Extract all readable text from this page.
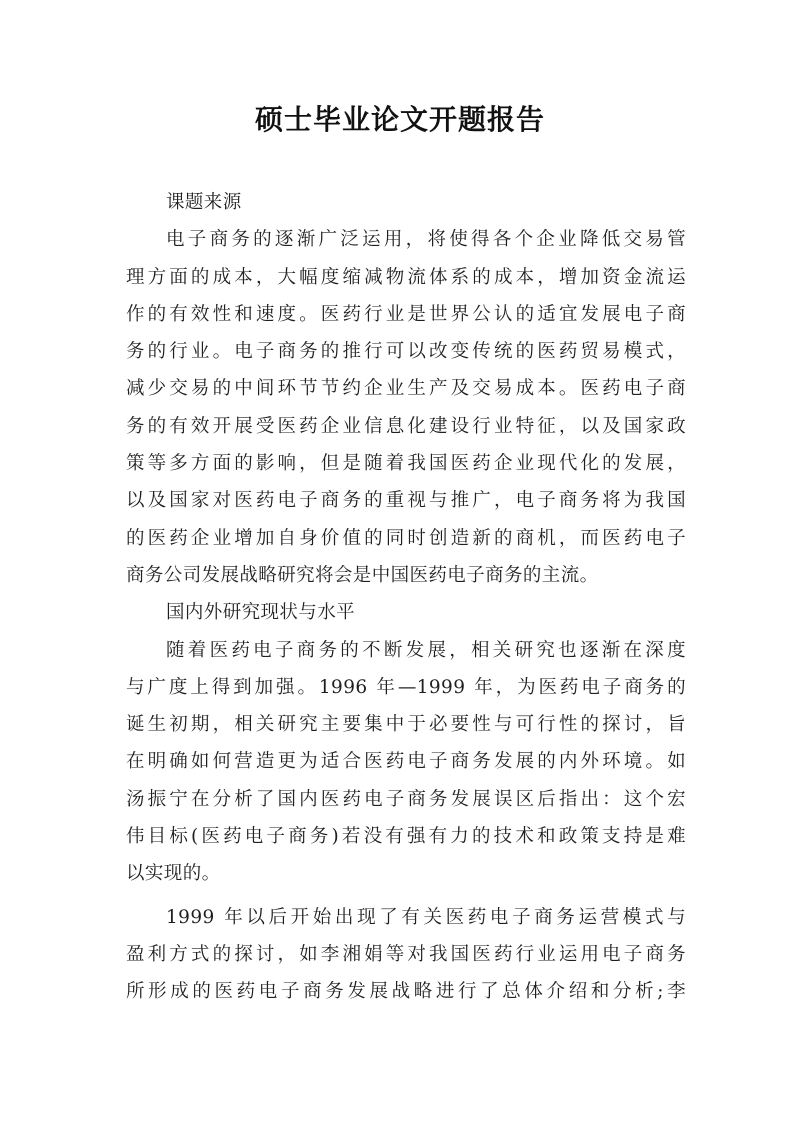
硕士毕业论文开题报告
课题来源
电子商务的逐渐广泛运用，将使得各个企业降低交易管
理方面的成本，大幅度缩减物流体系的成本，增加资金流运
作的有效性和速度。医药行业是世界公认的适宜发展电子商
务的行业。电子商务的推行可以改变传统的医药贸易模式，
减少交易的中间环节节约企业生产及交易成本。医药电子商
务的有效开展受医药企业信息化建设行业特征，以及国家政
策等多方面的影响，但是随着我国医药企业现代化的发展，
以及国家对医药电子商务的重视与推广，电子商务将为我国
的医药企业增加自身价值的同时创造新的商机，而医药电子
商务公司发展战略研究将会是中国医药电子商务的主流。
国内外研究现状与水平
随着医药电子商务的不断发展，相关研究也逐渐在深度
与广度上得到加强。1996 年—1999 年，为医药电子商务的
诞生初期，相关研究主要集中于必要性与可行性的探讨，旨
在明确如何营造更为适合医药电子商务发展的内外环境。如
汤振宁在分析了国内医药电子商务发展误区后指出：这个宏
伟目标(医药电子商务)若没有强有力的技术和政策支持是难
以实现的。
1999 年以后开始出现了有关医药电子商务运营模式与
盈利方式的探讨，如李湘娟等对我国医药行业运用电子商务
所形成的医药电子商务发展战略进行了总体介绍和分析;李
